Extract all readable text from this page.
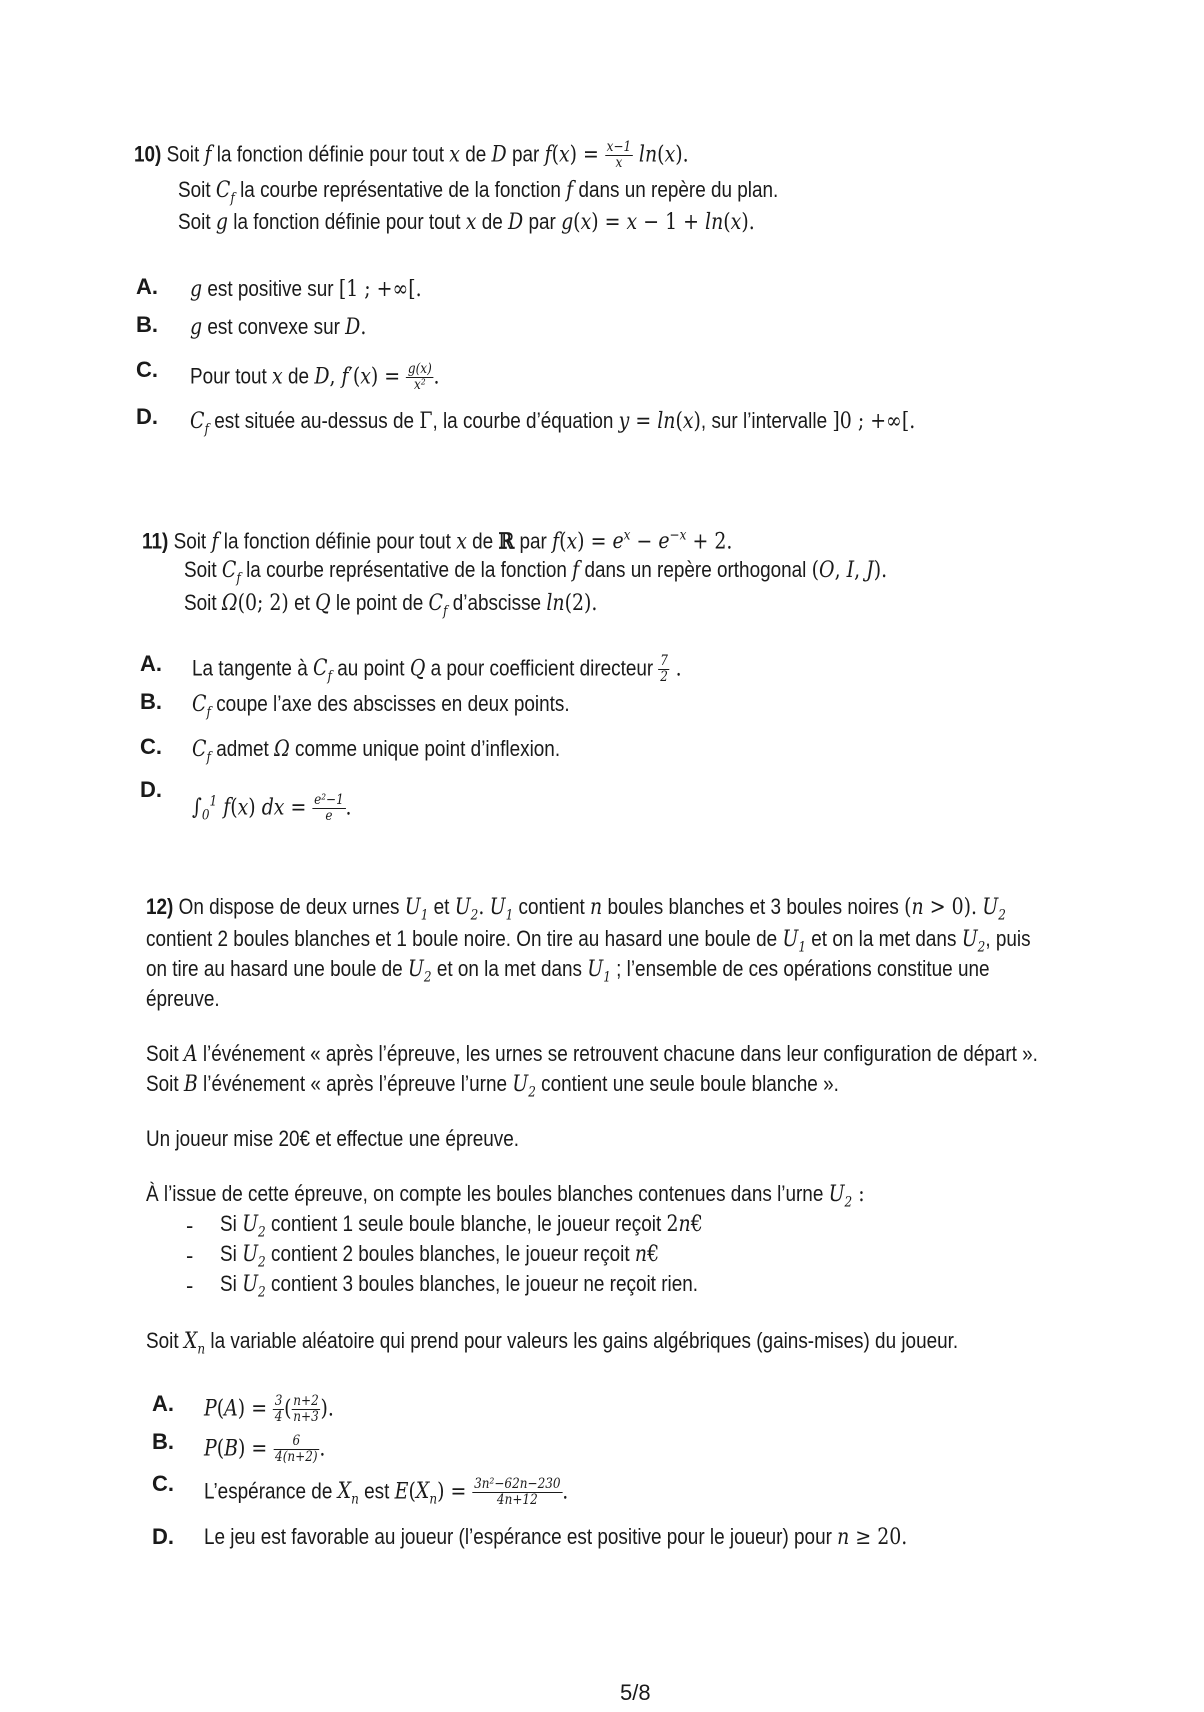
10) Soit f la fonction définie pour tout x de D par $f(x) = \frac{x-1}{x} \ln(x)$.
Soit $C_f$ la courbe représentative de la fonction f dans un repère du plan.
Soit g la fonction définie pour tout x de D par g(x) = x − 1 + ln(x).
A. g est positive sur [1 ; +∞[.
B. g est convexe sur D.
C. Pour tout x de D, $f'(x) = \frac{g(x)}{\text{x²}}$ .
D. $C_f$ est située au-dessus de Γ, la courbe d’équation y = ln(x), sur l’intervalle ]0 ; +∞[.
11) Soit f la fonction définie pour tout x de ℝ par $f(x) = e^x - e^{-x} + 2$.
Soit $C_f$ la courbe représentative de la fonction f dans un repère orthogonal (O, I, J).
Soit Ω(0; 2) et Q le point de $C_f$ d’abscisse ln(2).
A. La tangente à $C_f$ au point Q a pour coefficient directeur $\frac{7}{2}$ .
B. $C_f$ coupe l’axe des abscisses en deux points.
C. $C_f$ admet Ω comme unique point d’inflexion.
D.
$\int_0^1$ f(x) dx = $\frac{\text{e²−1}}{e}$ .
12) On dispose de deux urnes $U_1$ et $U_2$. $U_1$ contient n boules blanches et 3 boules noires (n > 0). $U_2$
contient 2 boules blanches et 1 boule noire. On tire au hasard une boule de $U_1$ et on la met dans $U_2$, puis
on tire au hasard une boule de $U_2$ et on la met dans $U_1$ ; l’ensemble de ces opérations constitue une
épreuve.
Soit A l’événement « après l’épreuve, les urnes se retrouvent chacune dans leur configuration de départ ».
Soit B l’événement « après l’épreuve l’urne $U_2$ contient une seule boule blanche ».
Un joueur mise 20€ et effectue une épreuve.
À l’issue de cette épreuve, on compte les boules blanches contenues dans l’urne $U_2$ :
- Si $U_2$ contient 1 seule boule blanche, le joueur reçoit 2n€
- Si $U_2$ contient 2 boules blanches, le joueur reçoit n€
- Si $U_2$ contient 3 boules blanches, le joueur ne reçoit rien.
Soit $X_n$ la variable aléatoire qui prend pour valeurs les gains algébriques (gains-mises) du joueur.
A. $P(A) = \frac{3}{4}$ ( $\frac{n+2}{n+3}$ ).
B. $P(B) = \frac{6}{4(n+2)}$ .
C. L’espérance de $X_n$ est $E(X_n) = \frac{\text{3n²−62n−230}}{4n+12}$ .
D. Le jeu est favorable au joueur (l’espérance est positive pour le joueur) pour n ≥ 20.
5/8
